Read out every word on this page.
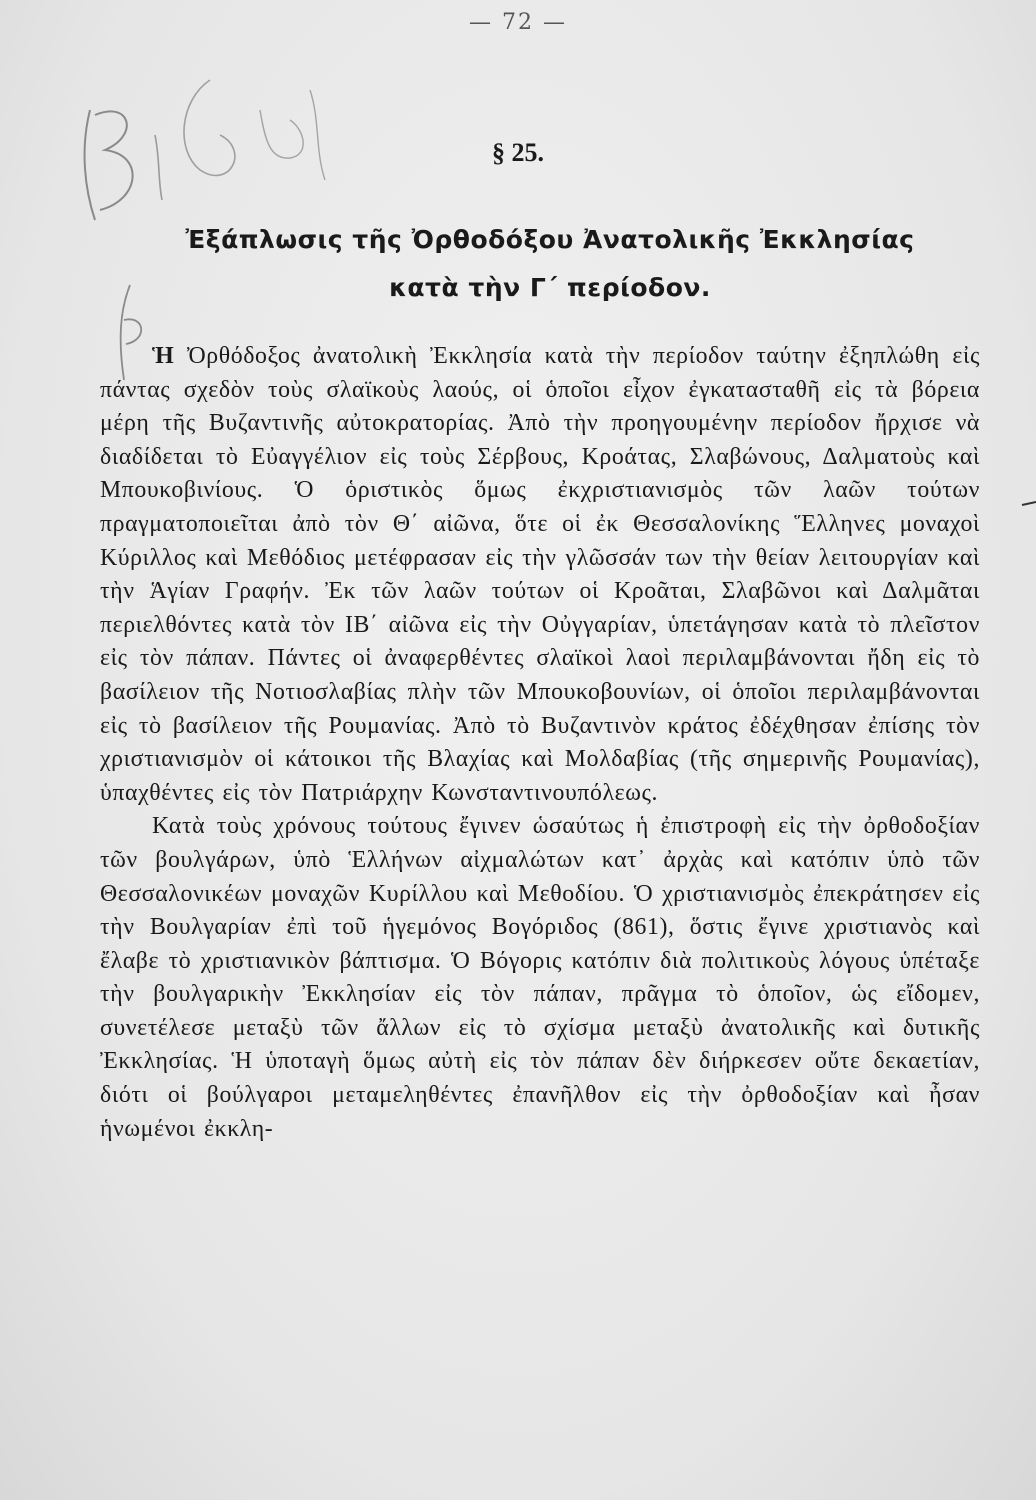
— 72 —
§ 25.
Ἐξάπλωσις τῆς Ὀρθοδόξου Ἀνατολικῆς Ἐκκλησίας
κατὰ τὴν Γ΄ περίοδον.

Ἡ Ὀρθόδοξος ἀνατολικὴ Ἐκκλησία κατὰ τὴν περίοδον ταύτην ἐξηπλώθη εἰς πάντας σχεδὸν τοὺς σλαϊκοὺς λαούς, οἱ ὁποῖοι εἶχον ἐγκατασταθῆ εἰς τὰ βόρεια μέρη τῆς Βυζαντινῆς αὐτοκρατορίας. Ἀπὸ τὴν προηγουμένην περίοδον ἤρχισε νὰ διαδίδεται τὸ Εὐαγγέλιον εἰς τοὺς Σέρβους, Κροάτας, Σλαβώνους, Δαλματοὺς καὶ Μπουκοβινίους. Ὁ ὁριστικὸς ὅμως ἐκχριστιανισμὸς τῶν λαῶν τούτων πραγματοποιεῖται ἀπὸ τὸν Θ΄ αἰῶνα, ὅτε οἱ ἐκ Θεσσαλονίκης Ἕλληνες μοναχοὶ Κύριλλος καὶ Μεθόδιος μετέφρασαν εἰς τὴν γλῶσσάν των τὴν θείαν λειτουργίαν καὶ τὴν Ἁγίαν Γραφήν. Ἐκ τῶν λαῶν τούτων οἱ Κροᾶται, Σλαβῶνοι καὶ Δαλμᾶται περιελθόντες κατὰ τὸν ΙΒ΄ αἰῶνα εἰς τὴν Οὐγγαρίαν, ὑπετάγησαν κατὰ τὸ πλεῖστον εἰς τὸν πάπαν. Πάντες οἱ ἀναφερθέντες σλαϊκοὶ λαοὶ περιλαμβάνονται ἤδη εἰς τὸ βασίλειον τῆς Νοτιοσλαβίας πλὴν τῶν Μπουκοβουνίων, οἱ ὁποῖοι περιλαμβάνονται εἰς τὸ βασίλειον τῆς Ρουμανίας. Ἀπὸ τὸ Βυζαντινὸν κράτος ἐδέχθησαν ἐπίσης τὸν χριστιανισμὸν οἱ κάτοικοι τῆς Βλαχίας καὶ Μολδαβίας (τῆς σημερινῆς Ρουμανίας), ὑπαχθέντες εἰς τὸν Πατριάρχην Κωνσταντινουπόλεως.

Κατὰ τοὺς χρόνους τούτους ἔγινεν ὡσαύτως ἡ ἐπιστροφὴ εἰς τὴν ὀρθοδοξίαν τῶν βουλγάρων, ὑπὸ Ἑλλήνων αἰχμαλώτων κατ᾽ ἀρχὰς καὶ κατόπιν ὑπὸ τῶν Θεσσαλονικέων μοναχῶν Κυρίλλου καὶ Μεθοδίου. Ὁ χριστιανισμὸς ἐπεκράτησεν εἰς τὴν Βουλγαρίαν ἐπὶ τοῦ ἡγεμόνος Βογόριδος (861), ὅστις ἔγινε χριστιανὸς καὶ ἔλαβε τὸ χριστιανικὸν βάπτισμα. Ὁ Βόγορις κατόπιν διὰ πολιτικοὺς λόγους ὑπέταξε τὴν βουλγαρικὴν Ἐκκλησίαν εἰς τὸν πάπαν, πρᾶγμα τὸ ὁποῖον, ὡς εἴδομεν, συνετέλεσε μεταξὺ τῶν ἄλλων εἰς τὸ σχίσμα μεταξὺ ἀνατολικῆς καὶ δυτικῆς Ἐκκλησίας. Ἡ ὑποταγὴ ὅμως αὐτὴ εἰς τὸν πάπαν δὲν διήρκεσεν οὔτε δεκαετίαν, διότι οἱ βούλγαροι μεταμεληθέντες ἐπανῆλθον εἰς τὴν ὀρθοδοξίαν καὶ ἦσαν ἡνωμένοι ἐκκλη-
